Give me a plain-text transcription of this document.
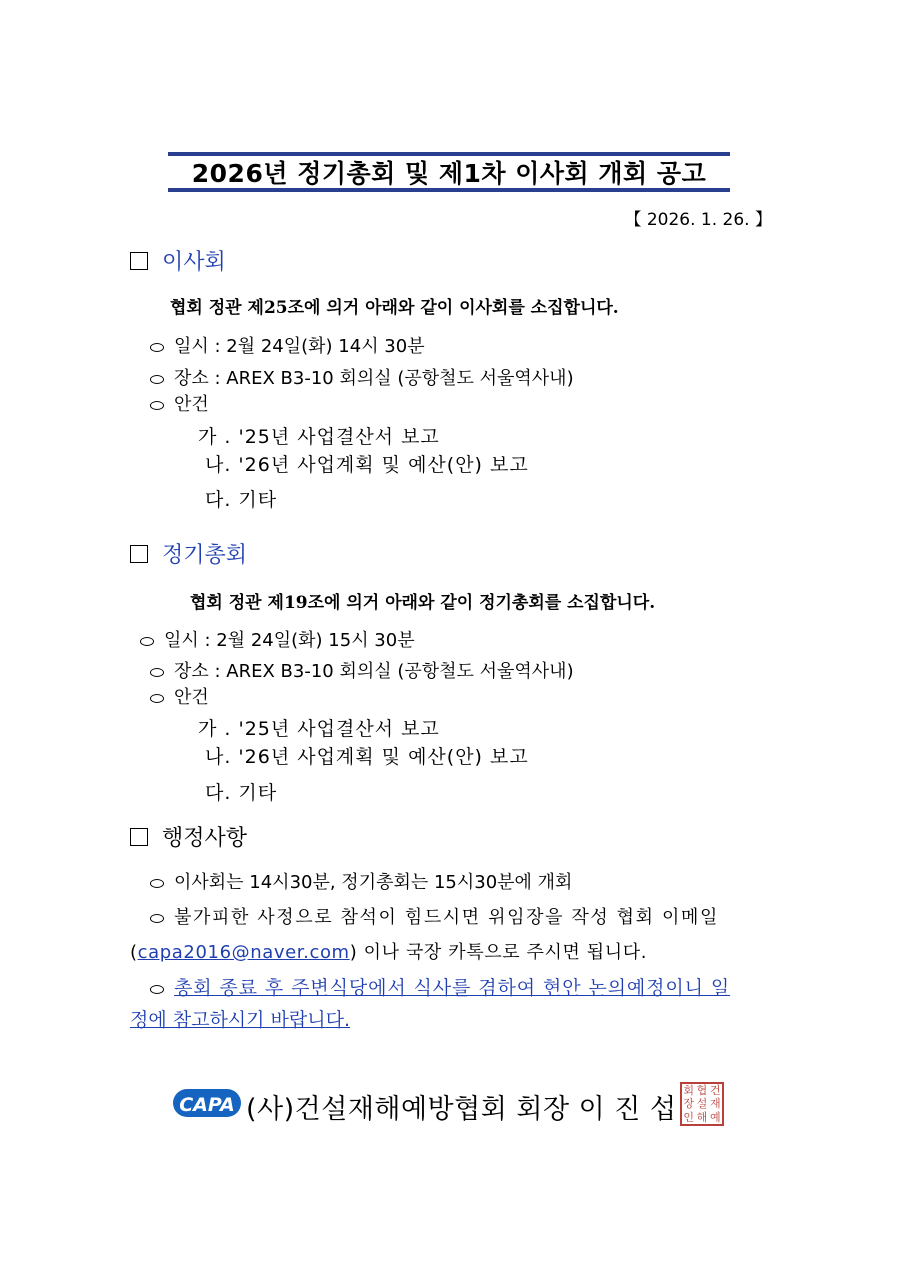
2026년 정기총회 및 제1차 이사회 개회 공고
【 2026. 1. 26. 】
이사회
협회 정관 제25조에 의거 아래와 같이 이사회를 소집합니다.
일시 : 2월 24일(화) 14시 30분
장소 : AREX B3-10 회의실 (공항철도 서울역사내)
안건
가 . '25년 사업결산서 보고
나. '26년 사업계획 및 예산(안) 보고
다. 기타
정기총회
협회 정관 제19조에 의거 아래와 같이 정기총회를 소집합니다.
일시 : 2월 24일(화) 15시 30분
장소 : AREX B3-10 회의실 (공항철도 서울역사내)
안건
가 . '25년 사업결산서 보고
나. '26년 사업계획 및 예산(안) 보고
다. 기타
행정사항
이사회는 14시30분, 정기총회는 15시30분에 개회
불가피한 사정으로 참석이 힘드시면 위임장을 작성 협회 이메일
(capa2016@naver.com) 이나 국장 카톡으로 주시면 됩니다.
총회 종료 후 주변식당에서 식사를 겸하여 현안 논의예정이니 일
정에 참고하시기 바랍니다.
CAPA (사)건설재해예방협회 회장 이 진 섭
회 협 건
장 설 재
인 해 예
